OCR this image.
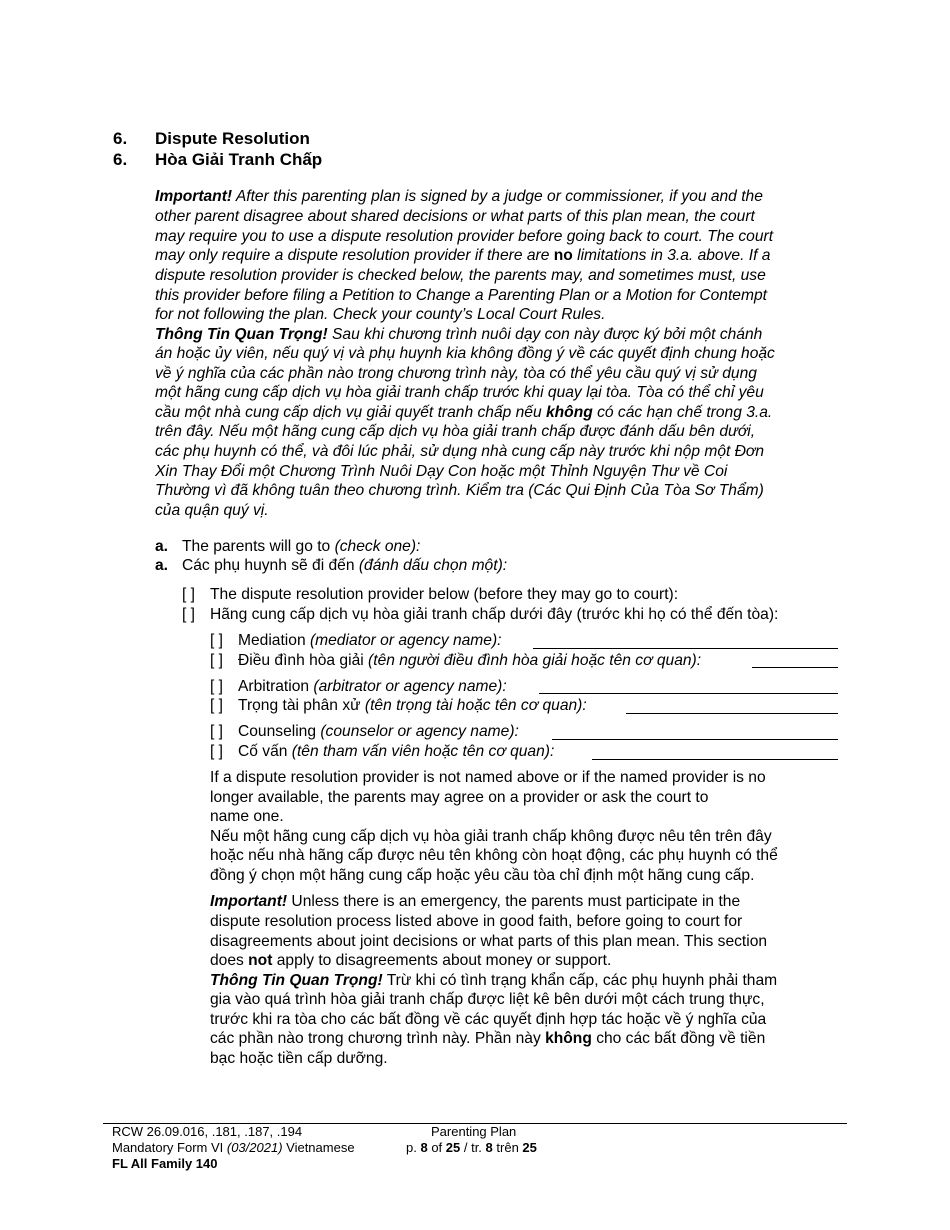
6. Dispute Resolution
6. Hòa Giải Tranh Chấp
Important! After this parenting plan is signed by a judge or commissioner, if you and the
other parent disagree about shared decisions or what parts of this plan mean, the court
may require you to use a dispute resolution provider before going back to court. The court
may only require a dispute resolution provider if there are no limitations in 3.a. above. If a
dispute resolution provider is checked below, the parents may, and sometimes must, use
this provider before filing a Petition to Change a Parenting Plan or a Motion for Contempt
for not following the plan. Check your county’s Local Court Rules.
Thông Tin Quan Trọng! Sau khi chương trình nuôi dạy con này được ký bởi một chánh
án hoặc ủy viên, nếu quý vị và phụ huynh kia không đồng ý về các quyết định chung hoặc
về ý nghĩa của các phần nào trong chương trình này, tòa có thể yêu cầu quý vị sử dụng
một hãng cung cấp dịch vụ hòa giải tranh chấp trước khi quay lại tòa. Tòa có thể chỉ yêu
cầu một nhà cung cấp dịch vụ giải quyết tranh chấp nếu không có các hạn chế trong 3.a.
trên đây. Nếu một hãng cung cấp dịch vụ hòa giải tranh chấp được đánh dấu bên dưới,
các phụ huynh có thể, và đôi lúc phải, sử dụng nhà cung cấp này trước khi nộp một Đơn
Xin Thay Đổi một Chương Trình Nuôi Dạy Con hoặc một Thỉnh Nguyện Thư về Coi
Thường vì đã không tuân theo chương trình. Kiểm tra (Các Qui Định Của Tòa Sơ Thẩm)
của quận quý vị.
a. The parents will go to (check one):
a. Các phụ huynh sẽ đi đến (đánh dấu chọn một):
[ ] The dispute resolution provider below (before they may go to court):
[ ] Hãng cung cấp dịch vụ hòa giải tranh chấp dưới đây (trước khi họ có thể đến tòa):
[ ] Mediation (mediator or agency name):
[ ] Điều đình hòa giải (tên người điều đình hòa giải hoặc tên cơ quan):
[ ] Arbitration (arbitrator or agency name):
[ ] Trọng tài phân xử (tên trọng tài hoặc tên cơ quan):
[ ] Counseling (counselor or agency name):
[ ] Cố vấn (tên tham vấn viên hoặc tên cơ quan):
If a dispute resolution provider is not named above or if the named provider is no
longer available, the parents may agree on a provider or ask the court to
name one.
Nếu một hãng cung cấp dịch vụ hòa giải tranh chấp không được nêu tên trên đây
hoặc nếu nhà hãng cấp được nêu tên không còn hoạt động, các phụ huynh có thể
đồng ý chọn một hãng cung cấp hoặc yêu cầu tòa chỉ định một hãng cung cấp.
Important! Unless there is an emergency, the parents must participate in the
dispute resolution process listed above in good faith, before going to court for
disagreements about joint decisions or what parts of this plan mean. This section
does not apply to disagreements about money or support.
Thông Tin Quan Trọng! Trừ khi có tình trạng khẩn cấp, các phụ huynh phải tham
gia vào quá trình hòa giải tranh chấp được liệt kê bên dưới một cách trung thực,
trước khi ra tòa cho các bất đồng về các quyết định hợp tác hoặc về ý nghĩa của
các phần nào trong chương trình này. Phần này không cho các bất đồng về tiền
bạc hoặc tiền cấp dưỡng.
RCW 26.09.016, .181, .187, .194
Mandatory Form VI (03/2021) Vietnamese
FL All Family 140
Parenting Plan
p. 8 of 25 / tr. 8 trên 25
